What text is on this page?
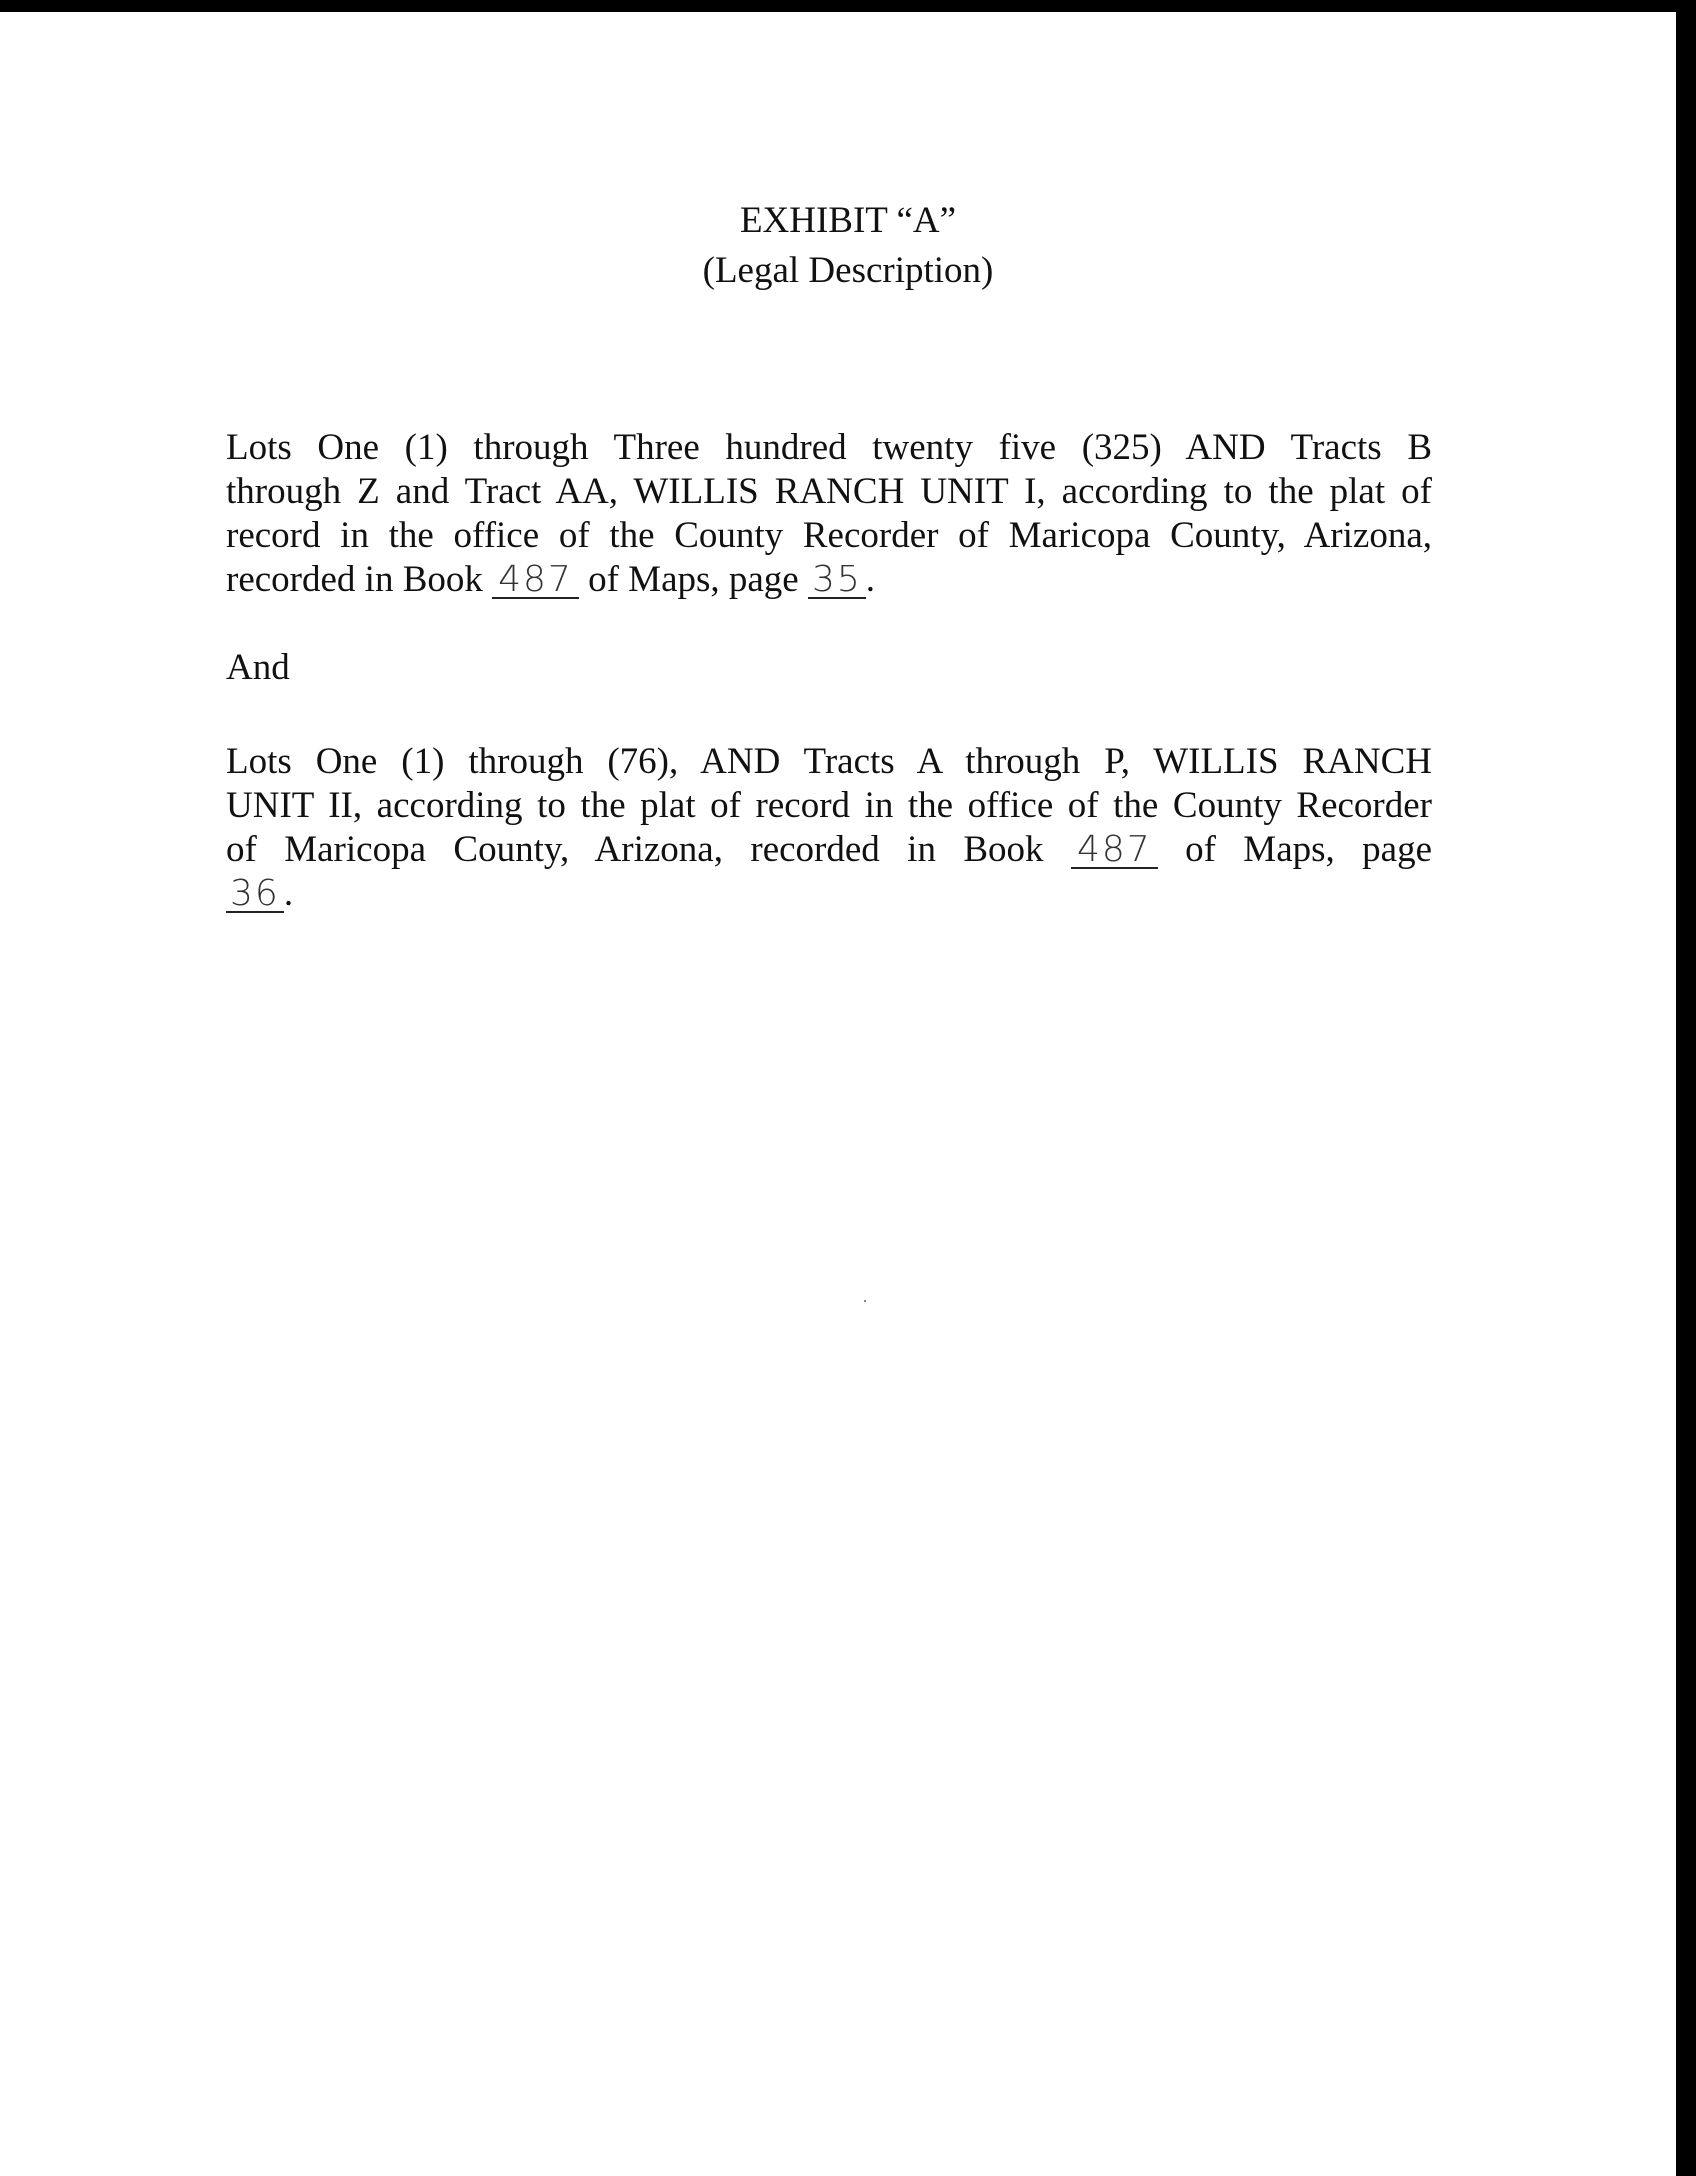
EXHIBIT “A”
(Legal Description)
Lots One (1) through Three hundred twenty five (325) AND Tracts B
through Z and Tract AA, WILLIS RANCH UNIT I, according to the plat of
record in the office of the County Recorder of Maricopa County, Arizona,
recorded in Book 487 of Maps, page 35 .
And
Lots One (1) through (76), AND Tracts A through P, WILLIS RANCH
UNIT II, according to the plat of record in the office of the County Recorder
of Maricopa County, Arizona, recorded in Book 487 of Maps, page
36 .
